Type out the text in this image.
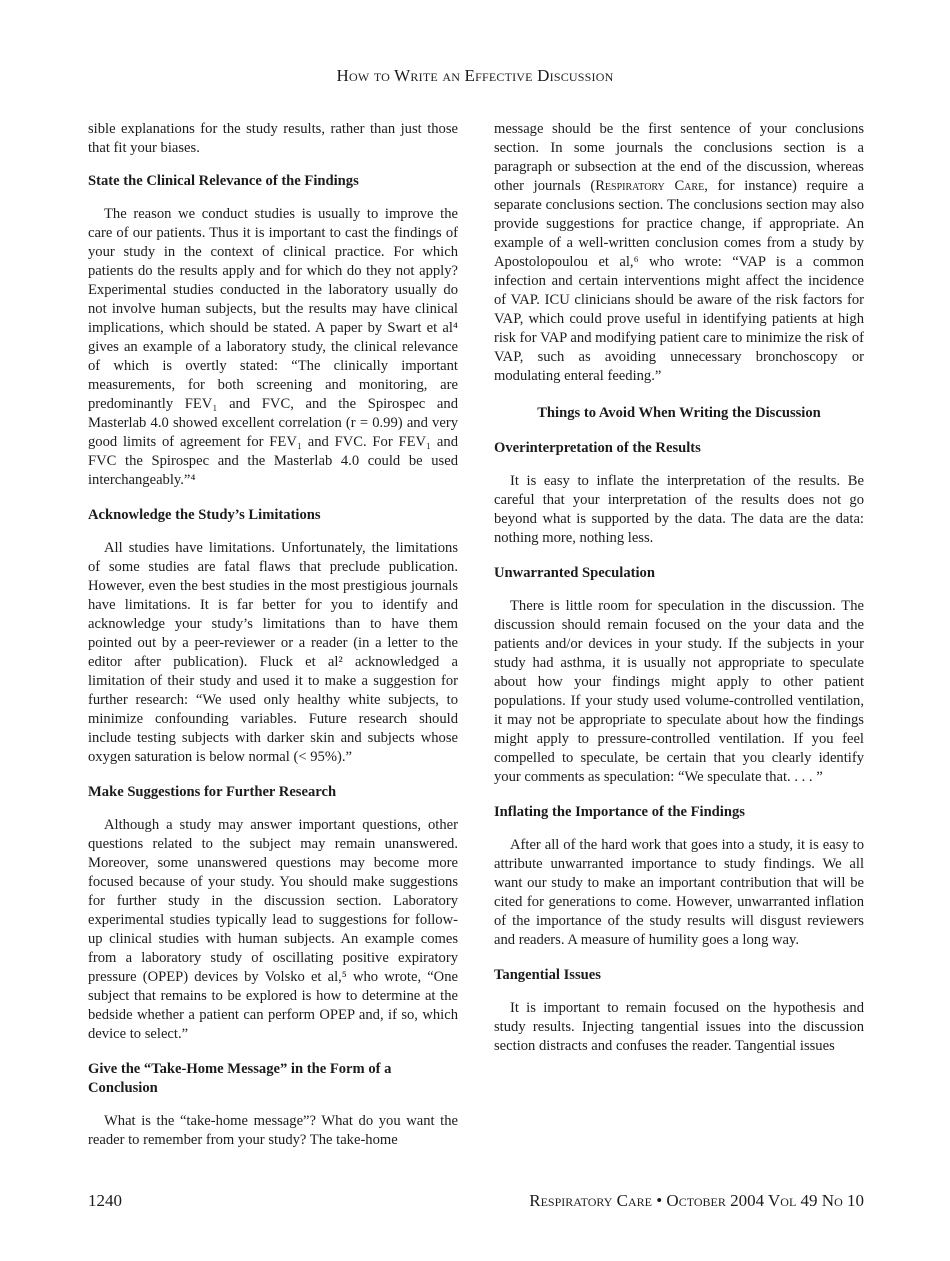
How to Write an Effective Discussion

sible explanations for the study results, rather than just those that fit your biases.

State the Clinical Relevance of the Findings

The reason we conduct studies is usually to improve the care of our patients. Thus it is important to cast the findings of your study in the context of clinical practice. For which patients do the results apply and for which do they not apply? Experimental studies conducted in the laboratory usually do not involve human subjects, but the results may have clinical implications, which should be stated. A paper by Swart et al⁴ gives an example of a laboratory study, the clinical relevance of which is overtly stated: “The clinically important measurements, for both screening and monitoring, are predominantly FEV₁ and FVC, and the Spirospec and Masterlab 4.0 showed excellent correlation (r = 0.99) and very good limits of agreement for FEV₁ and FVC. For FEV₁ and FVC the Spirospec and the Masterlab 4.0 could be used interchangeably.”⁴

Acknowledge the Study’s Limitations

All studies have limitations. Unfortunately, the limitations of some studies are fatal flaws that preclude publication. However, even the best studies in the most prestigious journals have limitations. It is far better for you to identify and acknowledge your study’s limitations than to have them pointed out by a peer-reviewer or a reader (in a letter to the editor after publication). Fluck et al² acknowledged a limitation of their study and used it to make a suggestion for further research: “We used only healthy white subjects, to minimize confounding variables. Future research should include testing subjects with darker skin and subjects whose oxygen saturation is below normal (< 95%).”

Make Suggestions for Further Research

Although a study may answer important questions, other questions related to the subject may remain unanswered. Moreover, some unanswered questions may become more focused because of your study. You should make suggestions for further study in the discussion section. Laboratory experimental studies typically lead to suggestions for follow-up clinical studies with human subjects. An example comes from a laboratory study of oscillating positive expiratory pressure (OPEP) devices by Volsko et al,⁵ who wrote, “One subject that remains to be explored is how to determine at the bedside whether a patient can perform OPEP and, if so, which device to select.”

Give the “Take-Home Message” in the Form of a Conclusion

What is the “take-home message”? What do you want the reader to remember from your study? The take-home

message should be the first sentence of your conclusions section. In some journals the conclusions section is a paragraph or subsection at the end of the discussion, whereas other journals (Respiratory Care, for instance) require a separate conclusions section. The conclusions section may also provide suggestions for practice change, if appropriate. An example of a well-written conclusion comes from a study by Apostolopoulou et al,⁶ who wrote: “VAP is a common infection and certain interventions might affect the incidence of VAP. ICU clinicians should be aware of the risk factors for VAP, which could prove useful in identifying patients at high risk for VAP and modifying patient care to minimize the risk of VAP, such as avoiding unnecessary bronchoscopy or modulating enteral feeding.”

Things to Avoid When Writing the Discussion
Overinterpretation of the Results

It is easy to inflate the interpretation of the results. Be careful that your interpretation of the results does not go beyond what is supported by the data. The data are the data: nothing more, nothing less.

Unwarranted Speculation

There is little room for speculation in the discussion. The discussion should remain focused on the your data and the patients and/or devices in your study. If the subjects in your study had asthma, it is usually not appropriate to speculate about how your findings might apply to other patient populations. If your study used volume-controlled ventilation, it may not be appropriate to speculate about how the findings might apply to pressure-controlled ventilation. If you feel compelled to speculate, be certain that you clearly identify your comments as speculation: “We speculate that. . . . ”

Inflating the Importance of the Findings

After all of the hard work that goes into a study, it is easy to attribute unwarranted importance to study findings. We all want our study to make an important contribution that will be cited for generations to come. However, unwarranted inflation of the importance of the study results will disgust reviewers and readers. A measure of humility goes a long way.

Tangential Issues

It is important to remain focused on the hypothesis and study results. Injecting tangential issues into the discussion section distracts and confuses the reader. Tangential issues

1240	Respiratory Care • October 2004 Vol 49 No 10
